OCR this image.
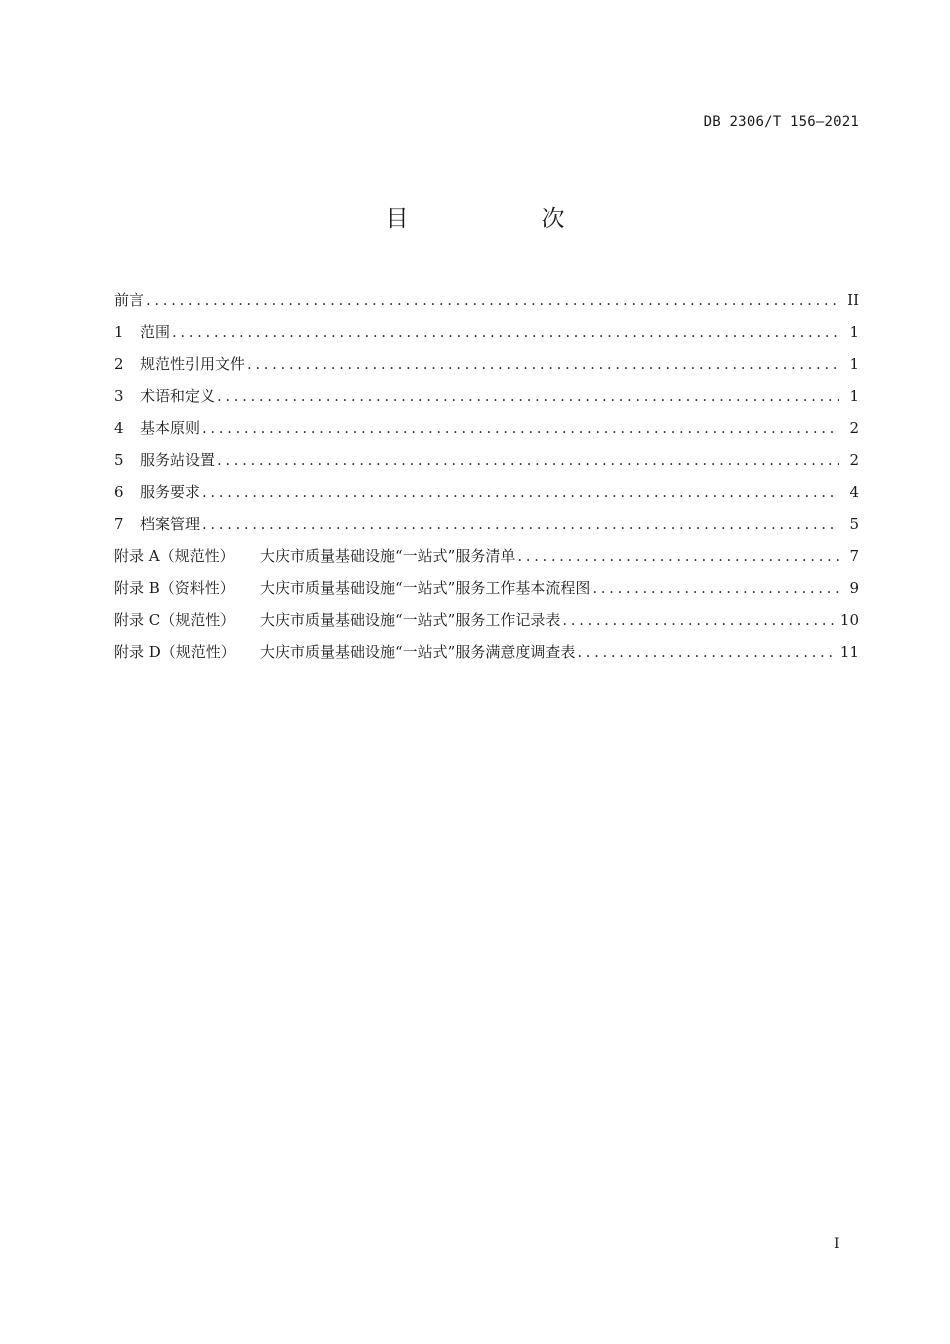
DB 2306/T 156—2021
目　次
前言 .....	II
1	范围 .....	1
2	规范性引用文件 .....	1
3	术语和定义 .....	1
4	基本原则 .....	2
5	服务站设置 .....	2
6	服务要求 .....	4
7	档案管理 .....	5
附录 A（规范性）	大庆市质量基础设施“一站式”服务清单 .....	7
附录 B（资料性）	大庆市质量基础设施“一站式”服务工作基本流程图 .....	9
附录 C（规范性）	大庆市质量基础设施“一站式”服务工作记录表 .....	10
附录 D（规范性）	大庆市质量基础设施“一站式”服务满意度调查表 .....	11
I
